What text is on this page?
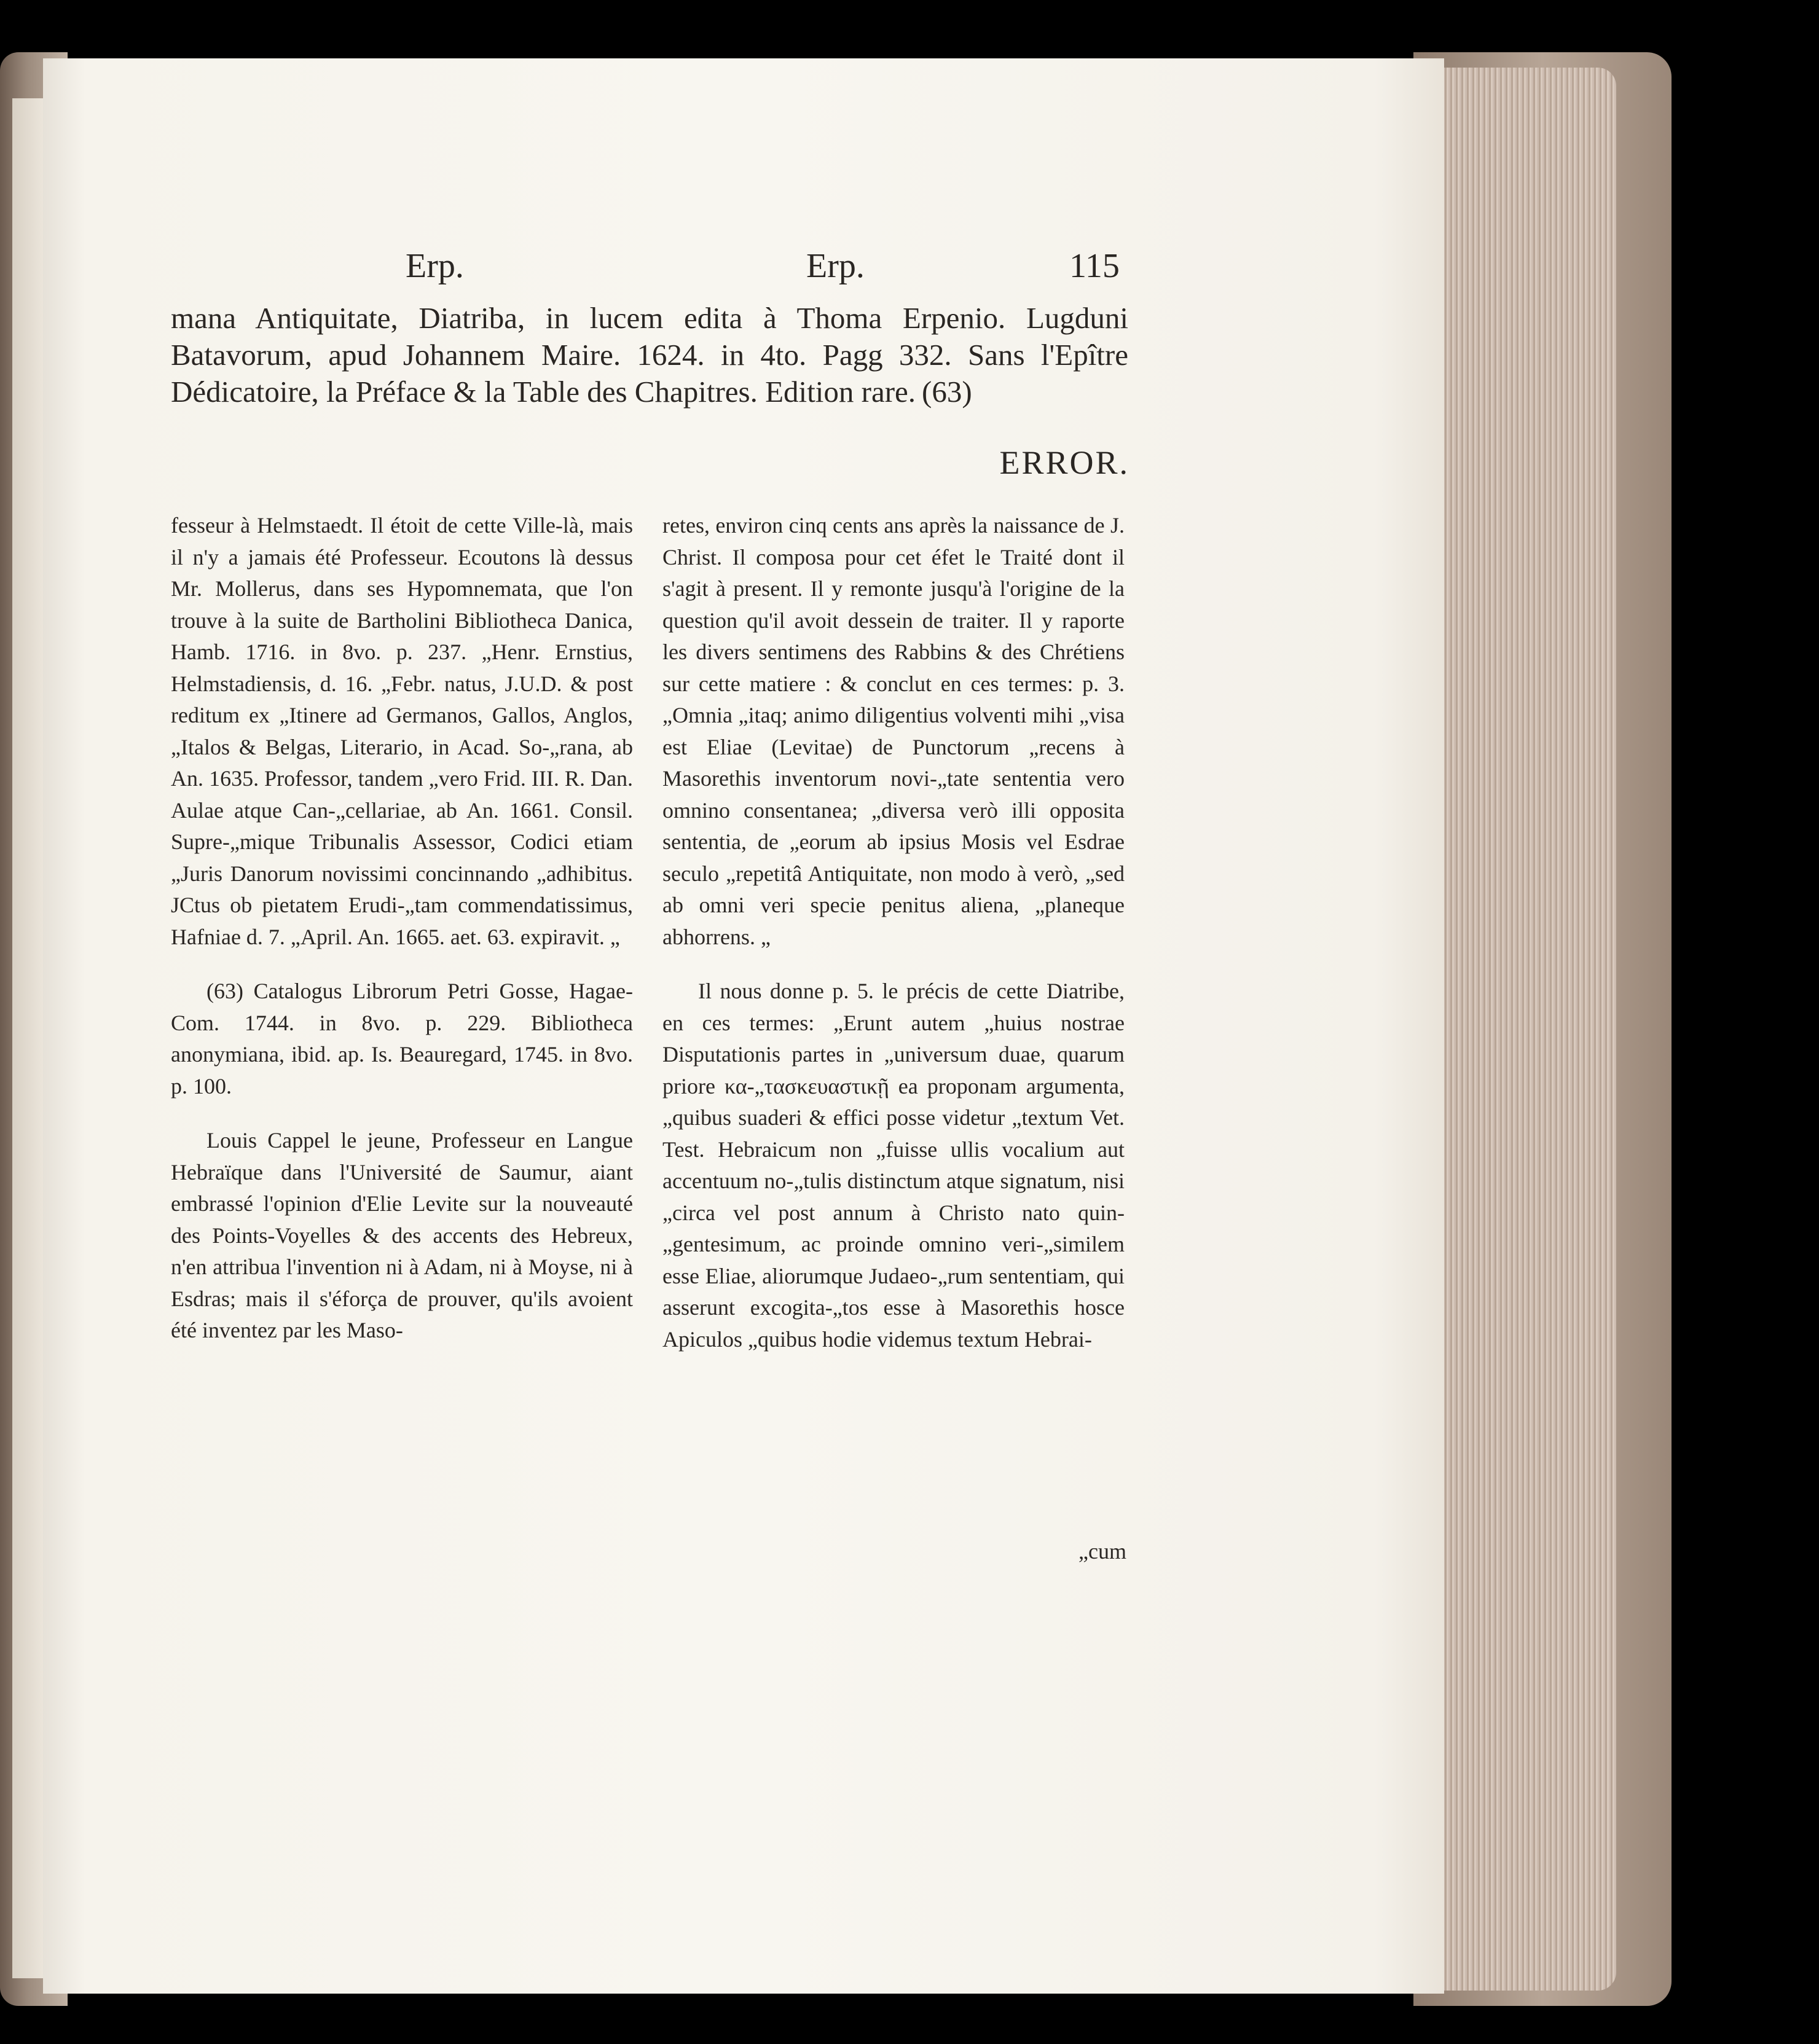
Erp.	Erp.	115
mana Antiquitate, Diatriba, in lucem edita à Thoma Erpenio. Lugduni Batavorum, apud Johannem Maire. 1624. in 4to. Pagg 332. Sans l'Epître Dédicatoire, la Préface & la Table des Chapitres. Edition rare. (63)
ERROR.

fesseur à Helmstaedt. Il étoit de cette Ville-là, mais il n'y a jamais été Professeur. Ecoutons là dessus Mr. Mollerus, dans ses Hypomnemata, que l'on trouve à la suite de Bartholini Bibliotheca Danica, Hamb. 1716. in 8vo. p. 237. „Henr. Ernstius, Helmstadiensis, d. 16. „Febr. natus, J.U.D. & post reditum ex „Itinere ad Germanos, Gallos, Anglos, „Italos & Belgas, Literario, in Acad. So-„rana, ab An. 1635. Professor, tandem „vero Frid. III. R. Dan. Aulae atque Can-„cellariae, ab An. 1661. Consil. Supre-„mique Tribunalis Assessor, Codici etiam „Juris Danorum novissimi concinnando „adhibitus. JCtus ob pietatem Erudi-„tam commendatissimus, Hafniae d. 7. „April. An. 1665. aet. 63. expiravit. „

(63) Catalogus Librorum Petri Gosse, Hagae-Com. 1744. in 8vo. p. 229. Bibliotheca anonymiana, ibid. ap. Is. Beauregard, 1745. in 8vo. p. 100.

Louis Cappel le jeune, Professeur en Langue Hebraïque dans l'Université de Saumur, aiant embrassé l'opinion d'Elie Levite sur la nouveauté des Points-Voyelles & des accents des Hebreux, n'en attribua l'invention ni à Adam, ni à Moyse, ni à Esdras; mais il s'éforça de prouver, qu'ils avoient été inventez par les Maso-

retes, environ cinq cents ans après la naissance de J. Christ. Il composa pour cet éfet le Traité dont il s'agit à present. Il y remonte jusqu'à l'origine de la question qu'il avoit dessein de traiter. Il y raporte les divers sentimens des Rabbins & des Chrétiens sur cette matiere : & conclut en ces termes: p. 3. „Omnia „itaq; animo diligentius volventi mihi „visa est Eliae (Levitae) de Punctorum „recens à Masorethis inventorum novi-„tate sententia vero omnino consentanea; „diversa verò illi opposita sententia, de „eorum ab ipsius Mosis vel Esdrae seculo „repetitâ Antiquitate, non modo à verò, „sed ab omni veri specie penitus aliena, „planeque abhorrens. „

Il nous donne p. 5. le précis de cette Diatribe, en ces termes: „Erunt autem „huius nostrae Disputationis partes in „universum duae, quarum priore κα-„τασκευαστικῇ ea proponam argumenta, „quibus suaderi & effici posse videtur „textum Vet. Test. Hebraicum non „fuisse ullis vocalium aut accentuum no-„tulis distinctum atque signatum, nisi „circa vel post annum à Christo nato quin-„gentesimum, ac proinde omnino veri-„similem esse Eliae, aliorumque Judaeo-„rum sententiam, qui asserunt excogita-„tos esse à Masorethis hosce Apiculos „quibus hodie videmus textum Hebrai-

„cum
